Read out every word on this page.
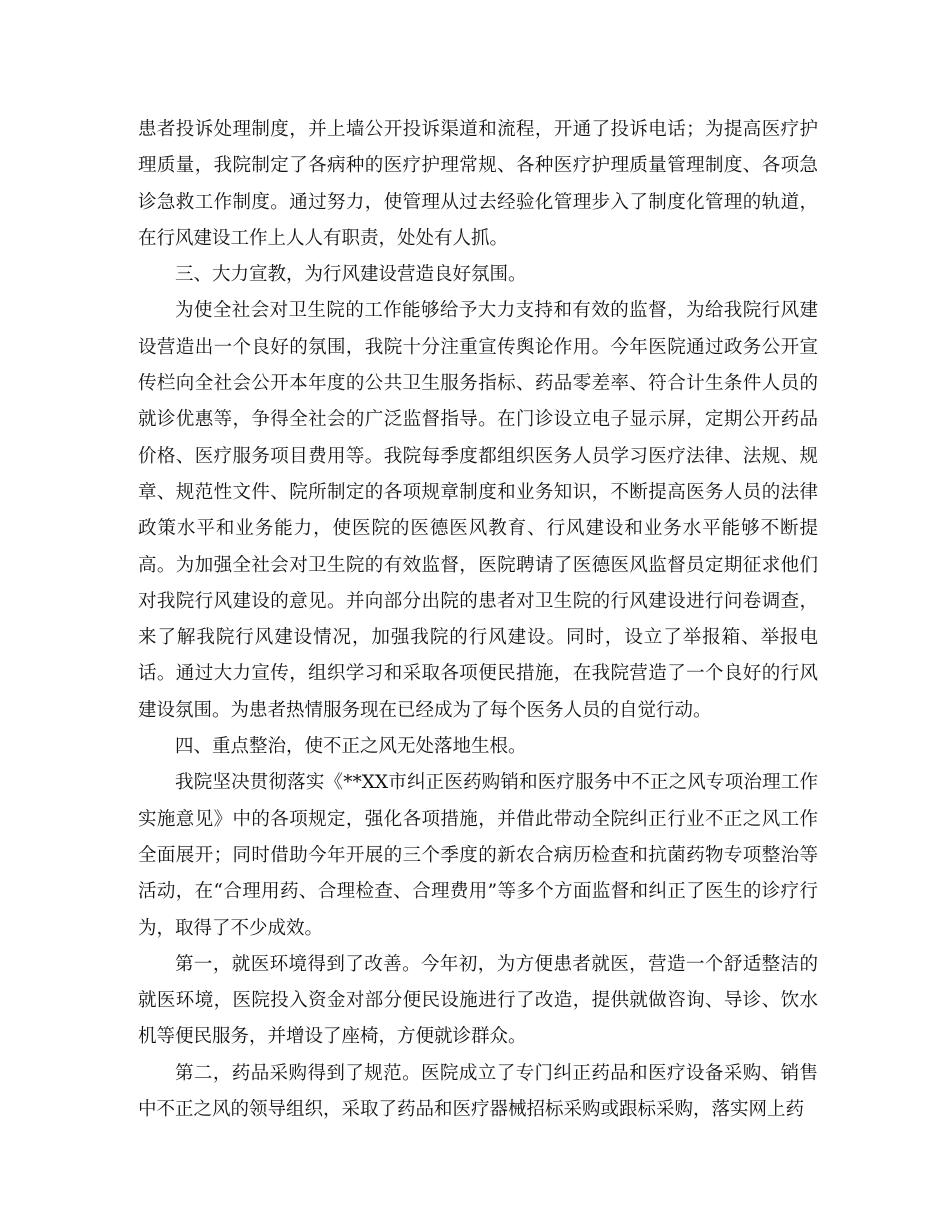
患者投诉处理制度，并上墙公开投诉渠道和流程，开通了投诉电话；为提高医疗护理质量，我院制定了各病种的医疗护理常规、各种医疗护理质量管理制度、各项急诊急救工作制度。通过努力，使管理从过去经验化管理步入了制度化管理的轨道，在行风建设工作上人人有职责，处处有人抓。

三、大力宣教，为行风建设营造良好氛围。

为使全社会对卫生院的工作能够给予大力支持和有效的监督，为给我院行风建设营造出一个良好的氛围，我院十分注重宣传舆论作用。今年医院通过政务公开宣传栏向全社会公开本年度的公共卫生服务指标、药品零差率、符合计生条件人员的就诊优惠等，争得全社会的广泛监督指导。在门诊设立电子显示屏，定期公开药品价格、医疗服务项目费用等。我院每季度都组织医务人员学习医疗法律、法规、规章、规范性文件、院所制定的各项规章制度和业务知识，不断提高医务人员的法律政策水平和业务能力，使医院的医德医风教育、行风建设和业务水平能够不断提高。为加强全社会对卫生院的有效监督，医院聘请了医德医风监督员定期征求他们对我院行风建设的意见。并向部分出院的患者对卫生院的行风建设进行问卷调查，来了解我院行风建设情况，加强我院的行风建设。同时，设立了举报箱、举报电话。通过大力宣传，组织学习和采取各项便民措施，在我院营造了一个良好的行风建设氛围。为患者热情服务现在已经成为了每个医务人员的自觉行动。

四、重点整治，使不正之风无处落地生根。

我院坚决贯彻落实《**XX市纠正医药购销和医疗服务中不正之风专项治理工作实施意见》中的各项规定，强化各项措施，并借此带动全院纠正行业不正之风工作全面展开；同时借助今年开展的三个季度的新农合病历检查和抗菌药物专项整治等活动，在“合理用药、合理检查、合理费用”等多个方面监督和纠正了医生的诊疗行为，取得了不少成效。

第一，就医环境得到了改善。今年初，为方便患者就医，营造一个舒适整洁的就医环境，医院投入资金对部分便民设施进行了改造，提供就做咨询、导诊、饮水机等便民服务，并增设了座椅，方便就诊群众。

第二，药品采购得到了规范。医院成立了专门纠正药品和医疗设备采购、销售中不正之风的领导组织，采取了药品和医疗器械招标采购或跟标采购，落实网上药
